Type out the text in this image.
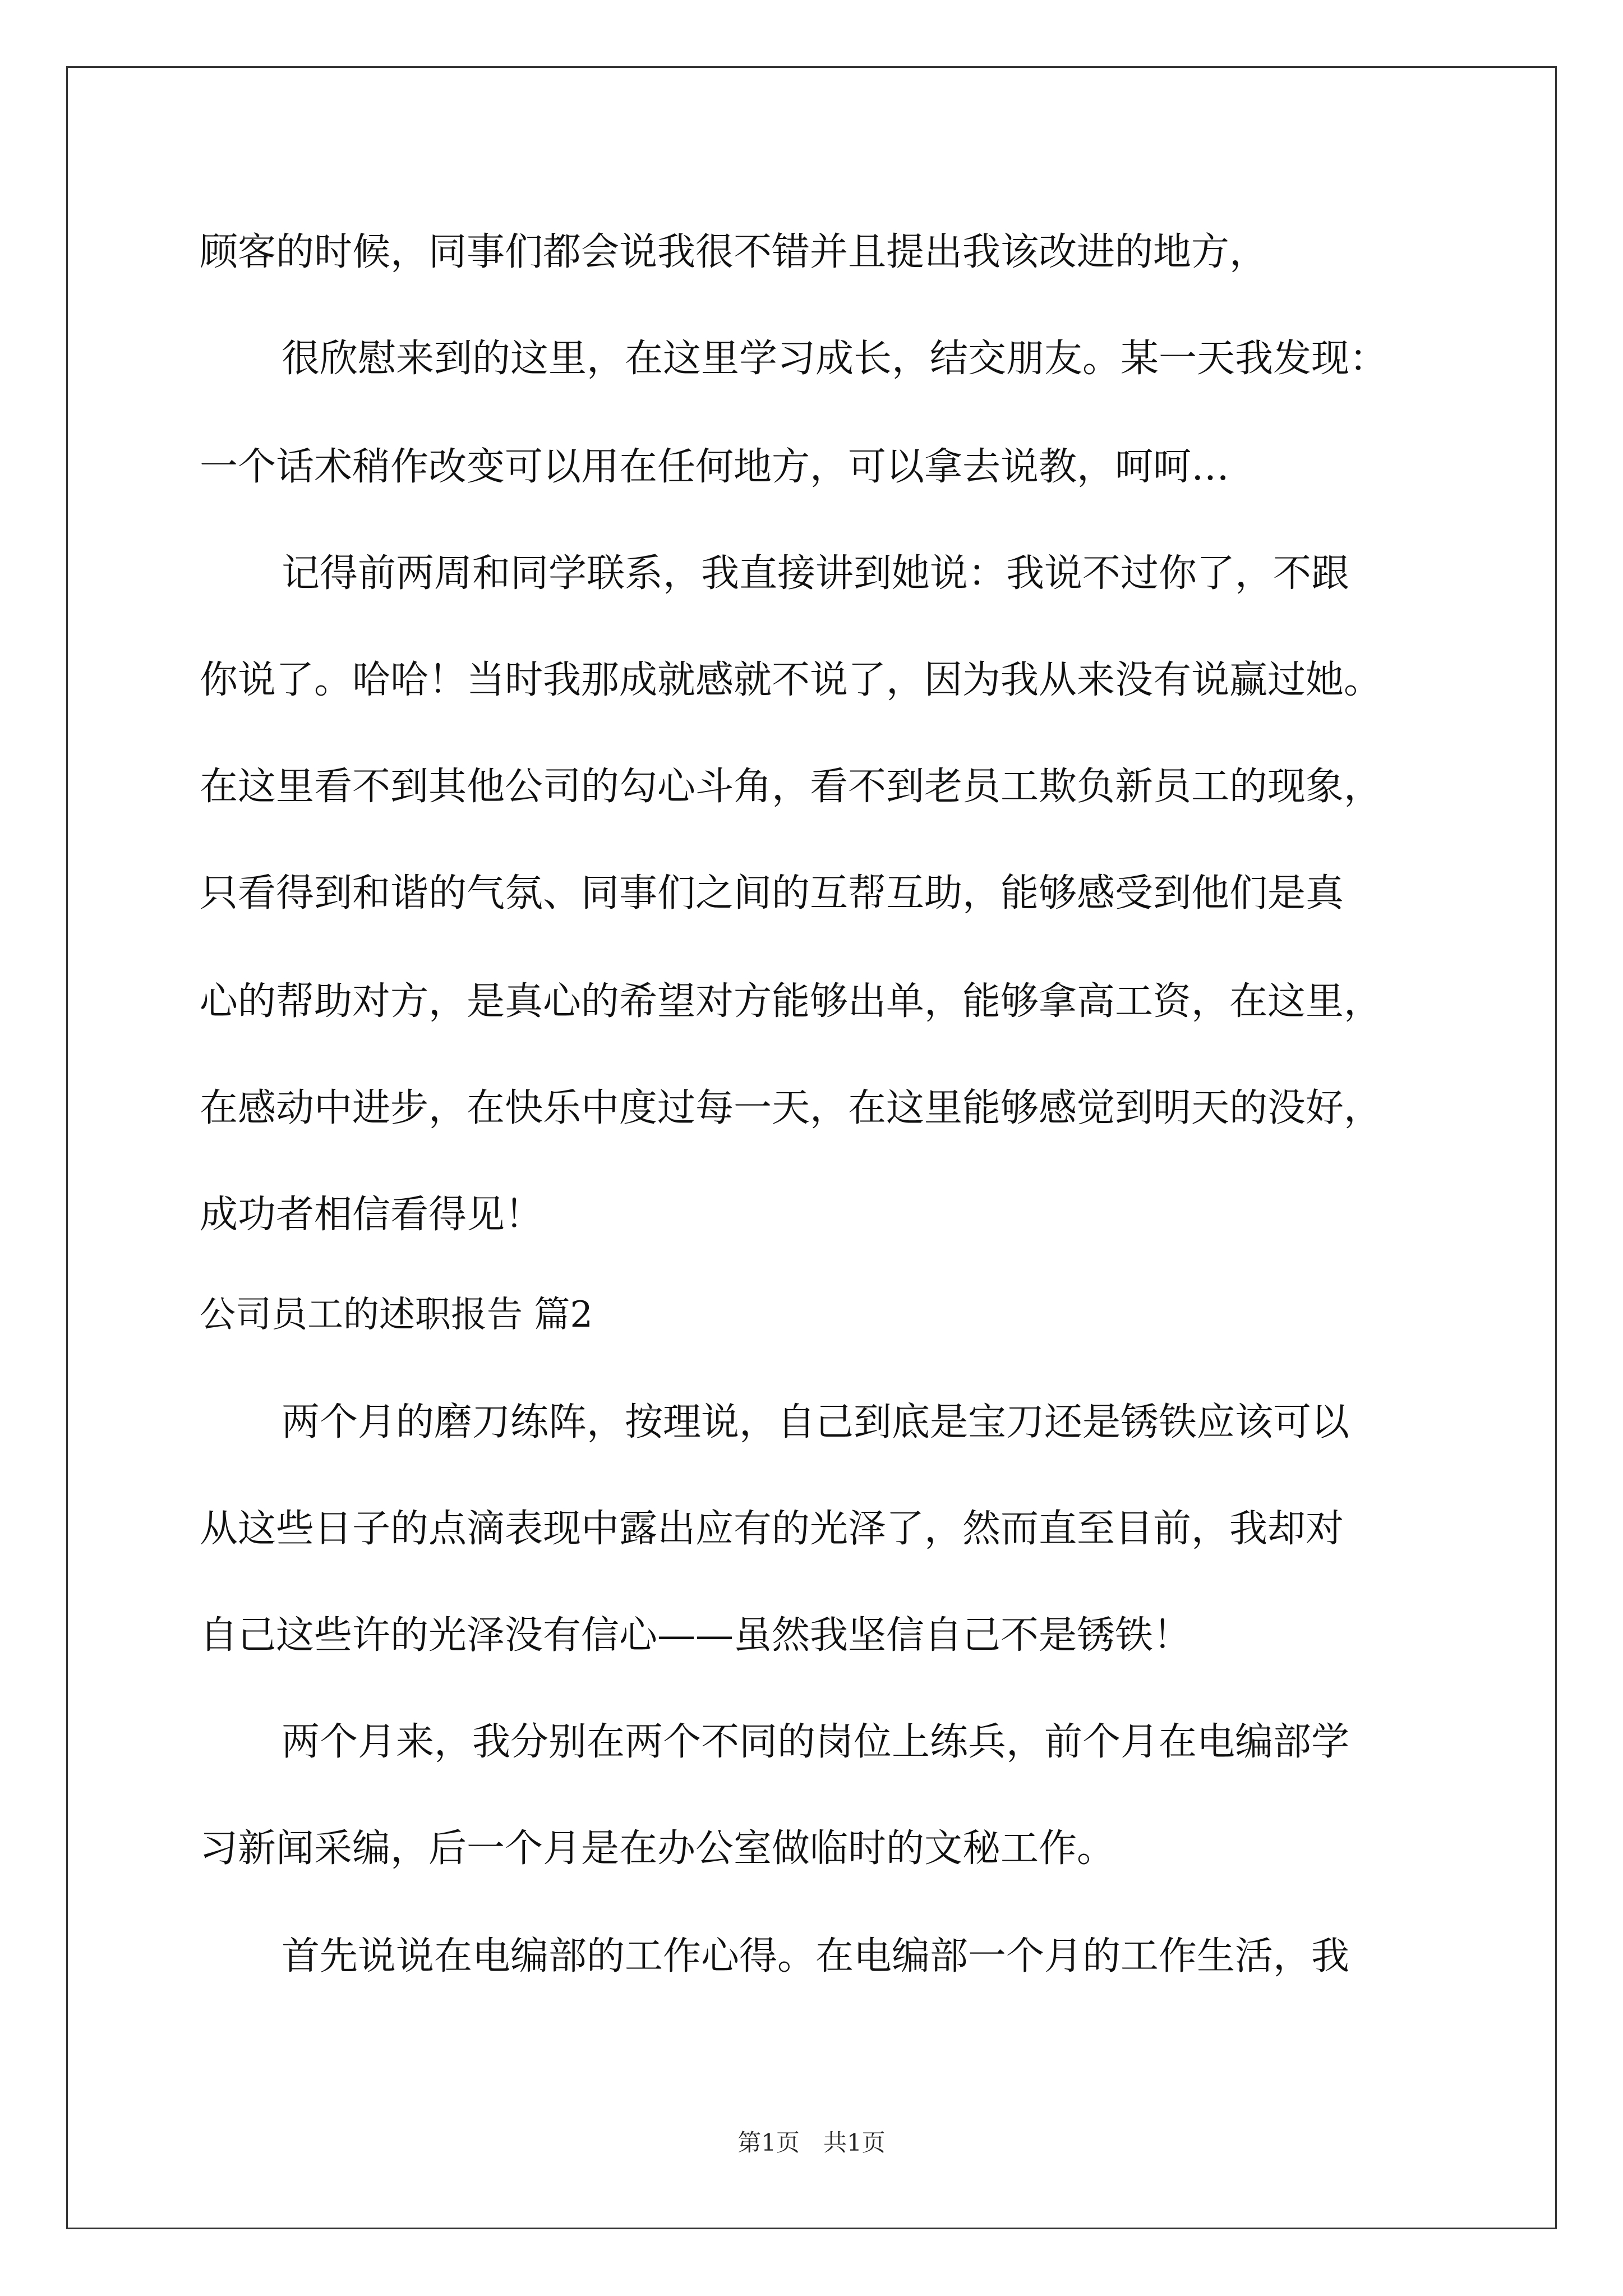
顾客的时候，同事们都会说我很不错并且提出我该改进的地方，
很欣慰来到的这里，在这里学习成长，结交朋友。某一天我发现：
一个话术稍作改变可以用在任何地方，可以拿去说教，呵呵…
记得前两周和同学联系，我直接讲到她说：我说不过你了，不跟
你说了。哈哈！当时我那成就感就不说了，因为我从来没有说赢过她。
在这里看不到其他公司的勾心斗角，看不到老员工欺负新员工的现象，
只看得到和谐的气氛、同事们之间的互帮互助，能够感受到他们是真
心的帮助对方，是真心的希望对方能够出单，能够拿高工资，在这里，
在感动中进步，在快乐中度过每一天，在这里能够感觉到明天的没好，
成功者相信看得见！
公司员工的述职报告 篇2
两个月的磨刀练阵，按理说，自己到底是宝刀还是锈铁应该可以
从这些日子的点滴表现中露出应有的光泽了，然而直至目前，我却对
自己这些许的光泽没有信心——虽然我坚信自己不是锈铁！
两个月来，我分别在两个不同的岗位上练兵，前个月在电编部学
习新闻采编，后一个月是在办公室做临时的文秘工作。
首先说说在电编部的工作心得。在电编部一个月的工作生活，我
第1页　共1页
